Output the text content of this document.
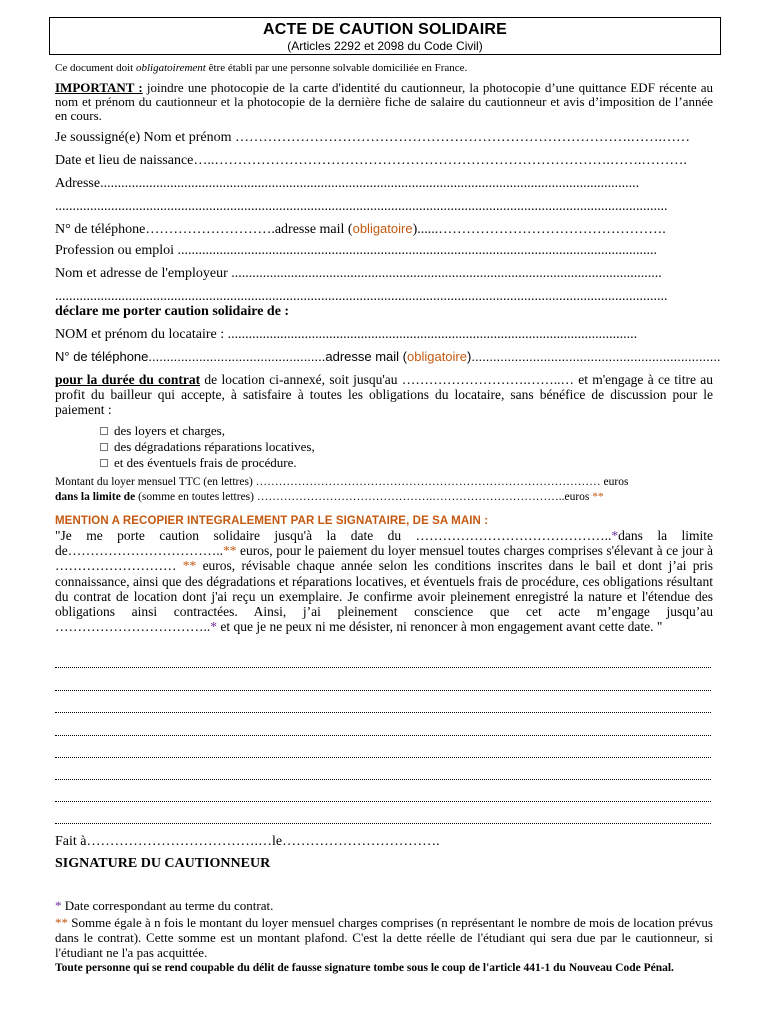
ACTE DE CAUTION SOLIDAIRE
(Articles 2292 et 2098 du Code Civil)
Ce document doit obligatoirement être établi par une personne solvable domiciliée en France.
IMPORTANT : joindre une photocopie de la carte d'identité du cautionneur, la photocopie d’une quittance EDF récente au nom et prénom du cautionneur et la photocopie de la dernière fiche de salaire du cautionneur et avis d’imposition de l’année en cours.
Je soussigné(e) Nom et prénom ………………………………………………………………………….…….……
Date et lieu de naissance…..………………………………………………………………………….…….……….
Adresse..........................................................................................................................................................
...............................................................................................................................................................................
N° de téléphone……………………….adresse mail (obligatoire)......………………………………………….
Profession ou emploi .........................................................................................................................................
Nom et adresse de l'employeur ...........................................................................................................................
...............................................................................................................................................................................
déclare me porter caution solidaire de :
NOM et prénom du locataire : .....................................................................................................................
N° de téléphone.................................................adresse mail (obligatoire).....................................................................
pour la durée du contrat de location ci-annexé, soit jusqu'au ……………………….……..… et m'engage à ce titre au profit du bailleur qui accepte, à satisfaire à toutes les obligations du locataire, sans bénéfice de discussion pour le paiement :
des loyers et charges,
des dégradations réparations locatives,
et des éventuels frais de procédure.
Montant du loyer mensuel TTC (en lettres) ……………………………………………………………………………… euros
dans la limite de (somme en toutes lettres) ……………………………………….……………………………..euros **
MENTION A RECOPIER INTEGRALEMENT PAR LE SIGNATAIRE, DE SA MAIN :
"Je me porte caution solidaire jusqu'à la date du ……………………………………..*dans la limite de……………………………..** euros, pour le paiement du loyer mensuel toutes charges comprises s'élevant à ce jour à ……………………… ** euros, révisable chaque année selon les conditions inscrites dans le bail et dont j’ai pris connaissance, ainsi que des dégradations et réparations locatives, et éventuels frais de procédure, ces obligations résultant du contrat de location dont j'ai reçu un exemplaire. Je confirme avoir pleinement enregistré la nature et l'étendue des obligations ainsi contractées. Ainsi, j’ai pleinement conscience que cet acte m’engage jusqu’au ……………………………..* et que je ne peux ni me désister, ni renoncer à mon engagement avant cette date. "
Fait à……………………………….…le…………………………….
SIGNATURE DU CAUTIONNEUR
* Date correspondant au terme du contrat.
** Somme égale à n fois le montant du loyer mensuel charges comprises (n représentant le nombre de mois de location prévus dans le contrat). Cette somme est un montant plafond. C'est la dette réelle de l'étudiant qui sera due par le cautionneur, si l'étudiant ne l'a pas acquittée.
Toute personne qui se rend coupable du délit de fausse signature tombe sous le coup de l'article 441-1 du Nouveau Code Pénal.
